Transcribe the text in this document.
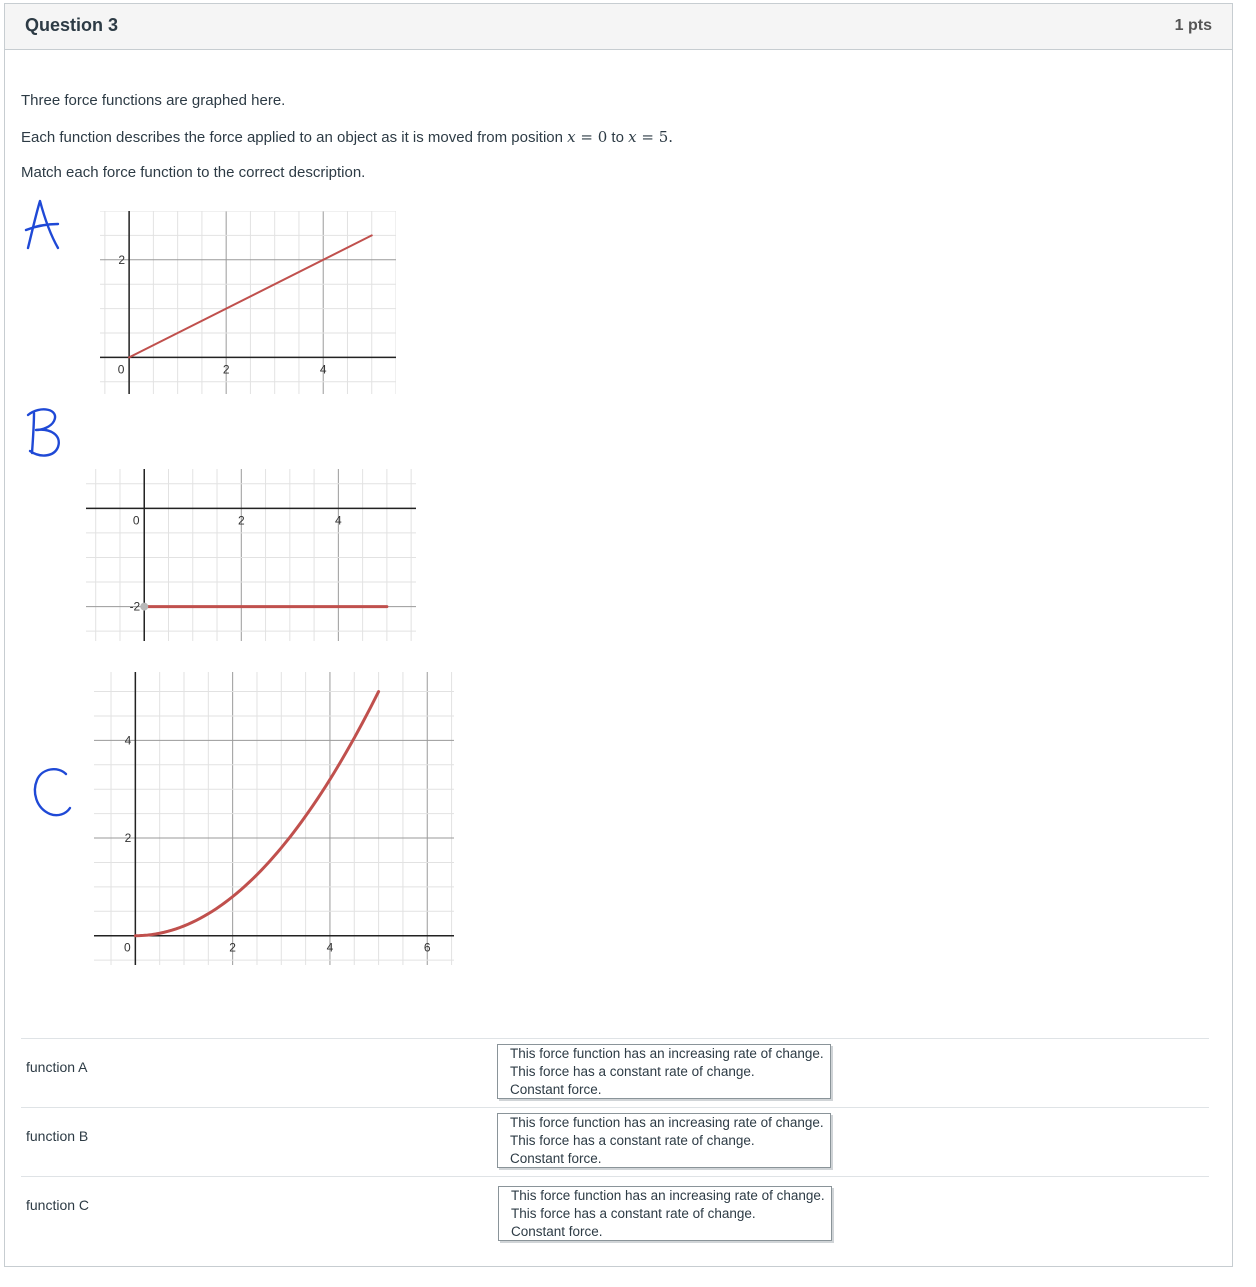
Question 3	1 pts
Three force functions are graphed here.
Each function describes the force applied to an object as it is moved from position x = 0 to x = 5.
Match each force function to the correct description.
0	2	4
2
0	2	4
-2
0	2	4	6
2
4
function A
This force function has an increasing rate of change.
This force has a constant rate of change.
Constant force.
function B
This force function has an increasing rate of change.
This force has a constant rate of change.
Constant force.
function C
This force function has an increasing rate of change.
This force has a constant rate of change.
Constant force.
